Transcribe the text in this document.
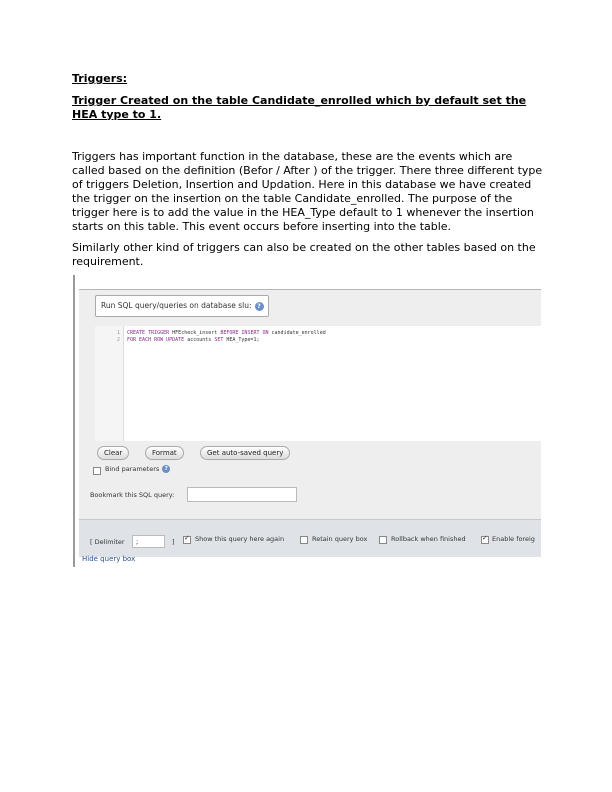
Triggers:
Trigger Created on the table Candidate_enrolled which by default set the HEA type to 1.
Triggers has important function in the database, these are the events which are called based on the definition (Befor / After ) of the trigger. There three different type of triggers Deletion, Insertion and Updation. Here in this database we have created the trigger on the insertion on the table Candidate_enrolled. The purpose of the trigger here is to add the value in the HEA_Type default to 1 whenever the insertion starts on this table. This event occurs before inserting into the table.
Similarly other kind of triggers can also be created on the other tables based on the requirement.
Run SQL query/queries on database slu: ?
1
2
CREATE TRIGGER HFEcheck_insert BEFORE INSERT ON candidate_enrolled
FOR EACH ROW UPDATE accounts SET HEA_Type=1;
Clear	Format	Get auto-saved query
Bind parameters ?
Bookmark this SQL query:
[ Delimiter	;	] ✓	Show this query here again	Retain query box	Rollback when finished ✓	Enable foreig
Hide query box
